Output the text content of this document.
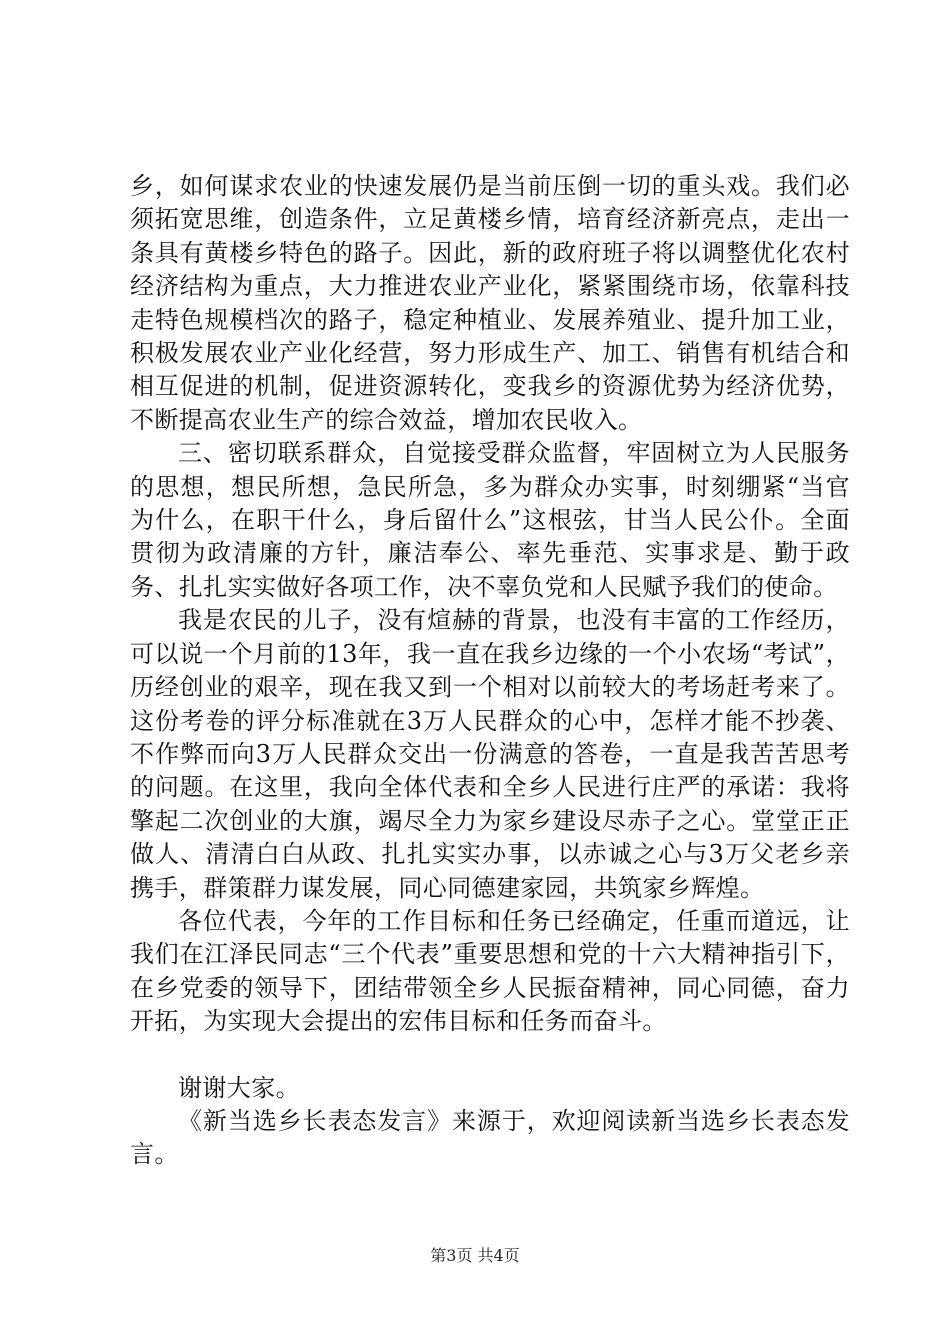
乡，如何谋求农业的快速发展仍是当前压倒一切的重头戏。我们必须拓宽思维，创造条件，立足黄楼乡情，培育经济新亮点，走出一条具有黄楼乡特色的路子。因此，新的政府班子将以调整优化农村经济结构为重点，大力推进农业产业化，紧紧围绕市场，依靠科技走特色规模档次的路子，稳定种植业、发展养殖业、提升加工业，积极发展农业产业化经营，努力形成生产、加工、销售有机结合和相互促进的机制，促进资源转化，变我乡的资源优势为经济优势，不断提高农业生产的综合效益，增加农民收入。

三、密切联系群众，自觉接受群众监督，牢固树立为人民服务的思想，想民所想，急民所急，多为群众办实事，时刻绷紧“当官为什么，在职干什么，身后留什么”这根弦，甘当人民公仆。全面贯彻为政清廉的方针，廉洁奉公、率先垂范、实事求是、勤于政务、扎扎实实做好各项工作，决不辜负党和人民赋予我们的使命。

我是农民的儿子，没有煊赫的背景，也没有丰富的工作经历，可以说一个月前的13年，我一直在我乡边缘的一个小农场“考试”，历经创业的艰辛，现在我又到一个相对以前较大的考场赶考来了。这份考卷的评分标准就在3万人民群众的心中，怎样才能不抄袭、不作弊而向3万人民群众交出一份满意的答卷，一直是我苦苦思考的问题。在这里，我向全体代表和全乡人民进行庄严的承诺：我将擎起二次创业的大旗，竭尽全力为家乡建设尽赤子之心。堂堂正正做人、清清白白从政、扎扎实实办事，以赤诚之心与3万父老乡亲携手，群策群力谋发展，同心同德建家园，共筑家乡辉煌。

各位代表，今年的工作目标和任务已经确定，任重而道远，让我们在江泽民同志“三个代表”重要思想和党的十六大精神指引下，在乡党委的领导下，团结带领全乡人民振奋精神，同心同德，奋力开拓，为实现大会提出的宏伟目标和任务而奋斗。

谢谢大家。

《新当选乡长表态发言》来源于，欢迎阅读新当选乡长表态发言。

第3页 共4页
